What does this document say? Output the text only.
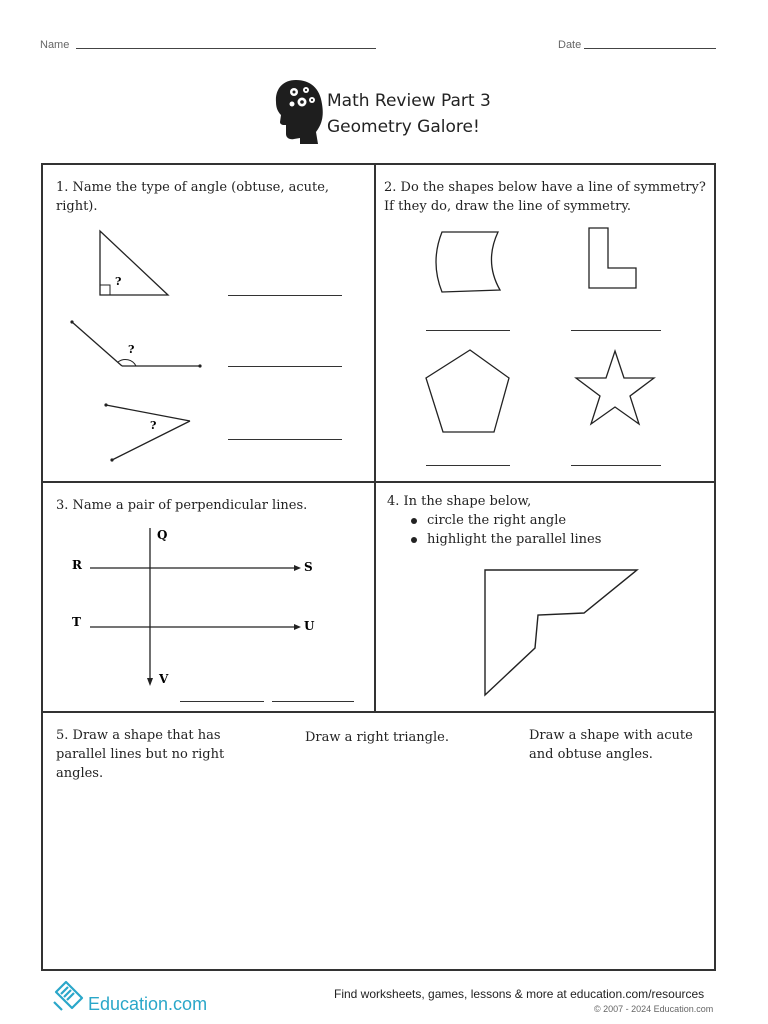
Name	Date
Math Review Part 3
Geometry Galore!
1. Name the type of angle (obtuse, acute, right).
?
?
?
2. Do the shapes below have a line of symmetry? If they do, draw the line of symmetry.
3. Name a pair of perpendicular lines.
Q
R	S
T	U
V
4. In the shape below,
circle the right angle
highlight the parallel lines
5. Draw a shape that has parallel lines but no right angles.
Draw a right triangle.	Draw a shape with acute and obtuse angles.
Education.com	Find worksheets, games, lessons & more at education.com/resources
© 2007 - 2024 Education.com
